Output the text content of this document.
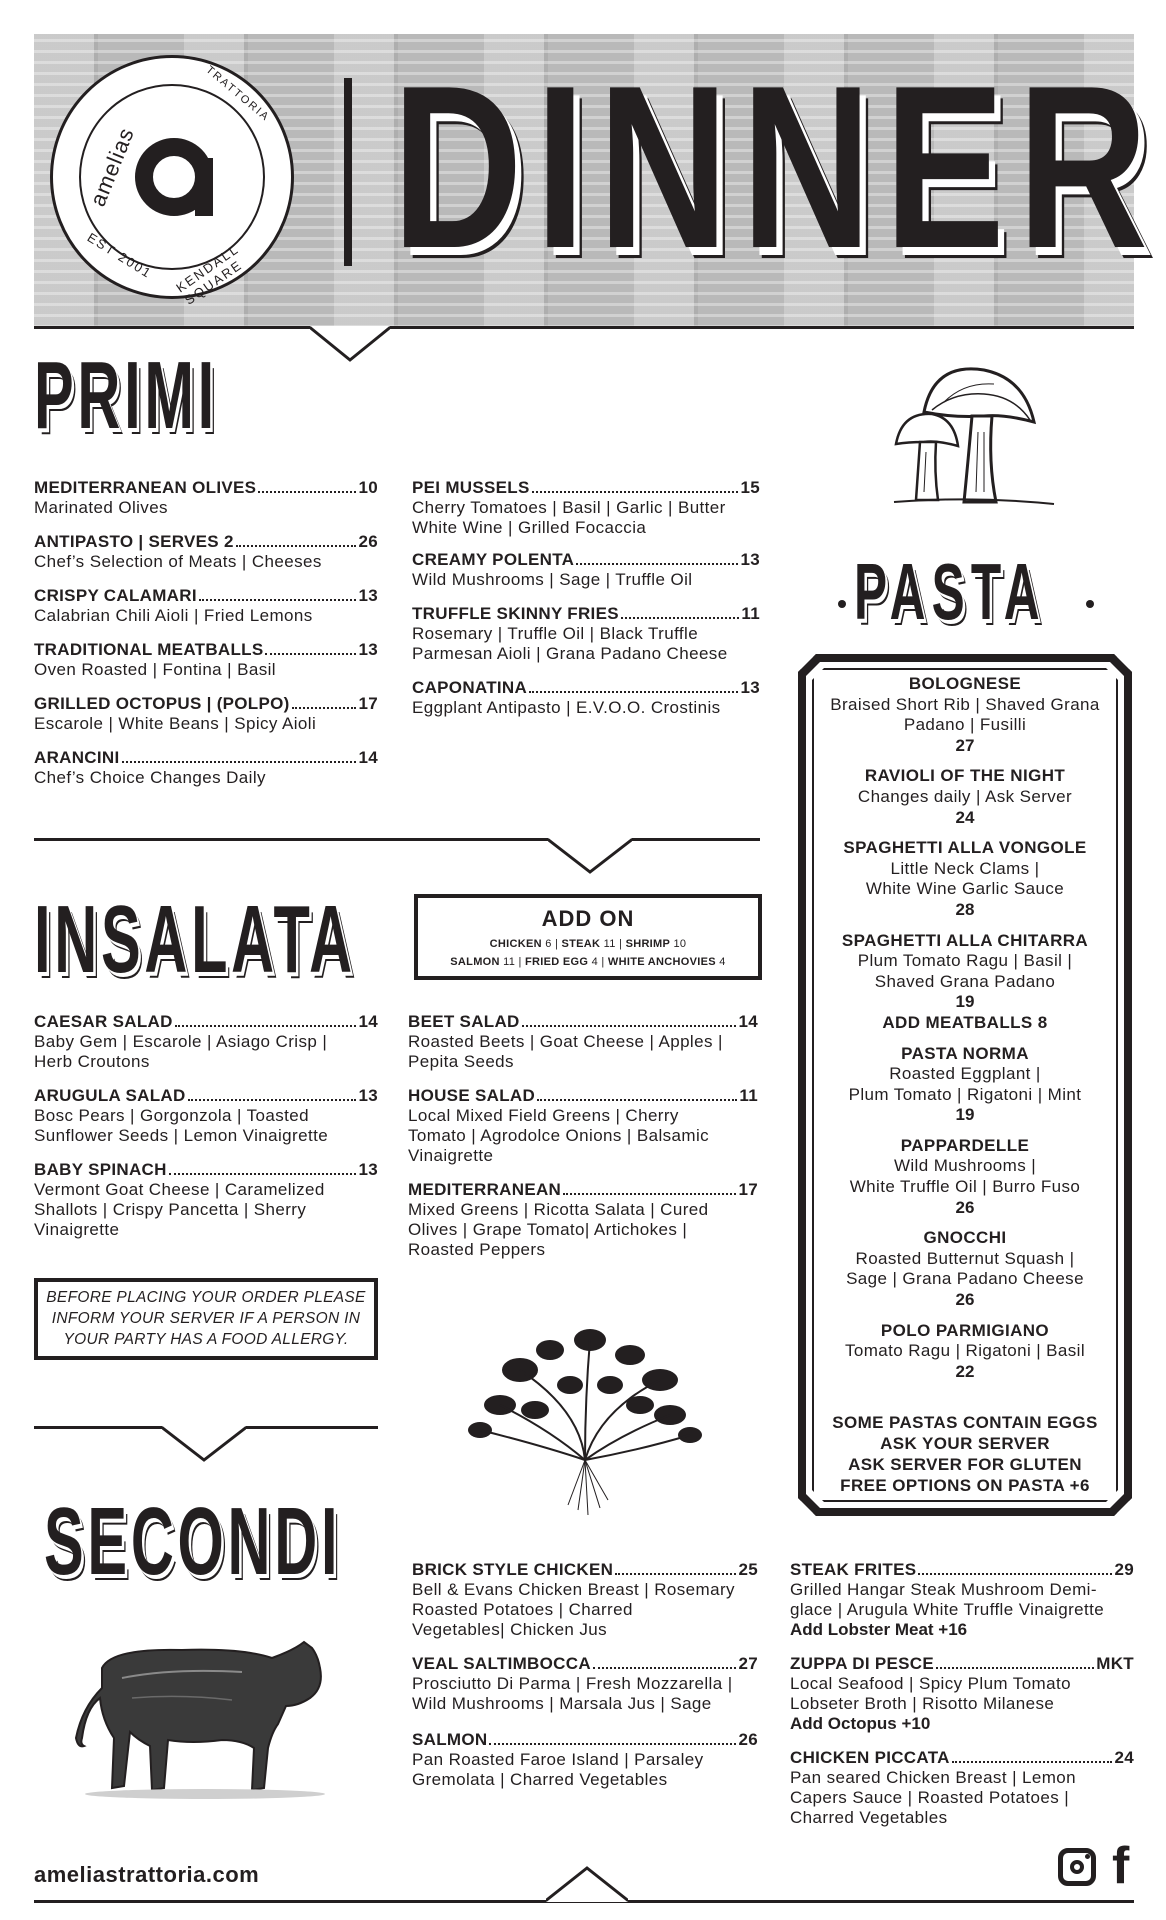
amelias
TRATTORIA
EST 2001 KENDALL SQUARE DINNER
PRIMI
MEDITERRANEAN OLIVES	10
Marinated Olives
ANTIPASTO | SERVES 2	26
Chef’s Selection of Meats | Cheeses
CRISPY CALAMARI	13
Calabrian Chili Aioli | Fried Lemons
TRADITIONAL MEATBALLS	13
Oven Roasted | Fontina | Basil
GRILLED OCTOPUS | (POLPO)	17
Escarole | White Beans | Spicy Aioli
ARANCINI	14
Chef’s Choice Changes Daily
PEI MUSSELS	15
Cherry Tomatoes | Basil | Garlic | Butter
White Wine | Grilled Focaccia
CREAMY POLENTA	13
Wild Mushrooms | Sage | Truffle Oil
TRUFFLE SKINNY FRIES	11
Rosemary | Truffle Oil | Black Truffle
Parmesan Aioli | Grana Padano Cheese
CAPONATINA	13
Eggplant Antipasto | E.V.O.O. Crostinis
PASTA
BOLOGNESE
Braised Short Rib | Shaved Grana
Padano | Fusilli
27
RAVIOLI OF THE NIGHT
Changes daily | Ask Server
24
SPAGHETTI ALLA VONGOLE
Little Neck Clams |
White Wine Garlic Sauce
28
SPAGHETTI ALLA CHITARRA
Plum Tomato Ragu | Basil |
Shaved Grana Padano
19
ADD MEATBALLS 8
PASTA NORMA
Roasted Eggplant |
Plum Tomato | Rigatoni | Mint
19
PAPPARDELLE
Wild Mushrooms |
White Truffle Oil | Burro Fuso
26
GNOCCHI
Roasted Butternut Squash |
Sage | Grana Padano Cheese
26
POLO PARMIGIANO
Tomato Ragu | Rigatoni | Basil
22
SOME PASTAS CONTAIN EGGS
ASK YOUR SERVER
ASK SERVER FOR GLUTEN
FREE OPTIONS ON PASTA +6
INSALATA	ADD ON
CHICKEN 6 | STEAK 11 | SHRIMP 10
SALMON 11 | FRIED EGG 4 | WHITE ANCHOVIES 4
CAESAR SALAD	14
Baby Gem | Escarole | Asiago Crisp |
Herb Croutons
ARUGULA SALAD	13
Bosc Pears | Gorgonzola | Toasted
Sunflower Seeds | Lemon Vinaigrette
BABY SPINACH	13
Vermont Goat Cheese | Caramelized
Shallots | Crispy Pancetta | Sherry
Vinaigrette
BEET SALAD	14
Roasted Beets | Goat Cheese | Apples |
Pepita Seeds
HOUSE SALAD	11
Local Mixed Field Greens | Cherry
Tomato | Agrodolce Onions | Balsamic
Vinaigrette
MEDITERRANEAN	17
Mixed Greens | Ricotta Salata | Cured
Olives | Grape Tomato| Artichokes |
Roasted Peppers
BEFORE PLACING YOUR ORDER PLEASE
INFORM YOUR SERVER IF A PERSON IN
YOUR PARTY HAS A FOOD ALLERGY.
SECONDI	BRICK STYLE CHICKEN	25
Bell & Evans Chicken Breast | Rosemary
Roasted Potatoes | Charred
Vegetables| Chicken Jus
VEAL SALTIMBOCCA	27
Prosciutto Di Parma | Fresh Mozzarella |
Wild Mushrooms | Marsala Jus | Sage
SALMON	26
Pan Roasted Faroe Island | Parsaley
Gremolata | Charred Vegetables
STEAK FRITES	29
Grilled Hangar Steak Mushroom Demi-
glace | Arugula White Truffle Vinaigrette
Add Lobster Meat +16
ZUPPA DI PESCE	MKT
Local Seafood | Spicy Plum Tomato
Lobseter Broth | Risotto Milanese
Add Octopus +10
CHICKEN PICCATA	24
Pan seared Chicken Breast | Lemon
Capers Sauce | Roasted Potatoes |
Charred Vegetables
ameliastrattoria.com	f
